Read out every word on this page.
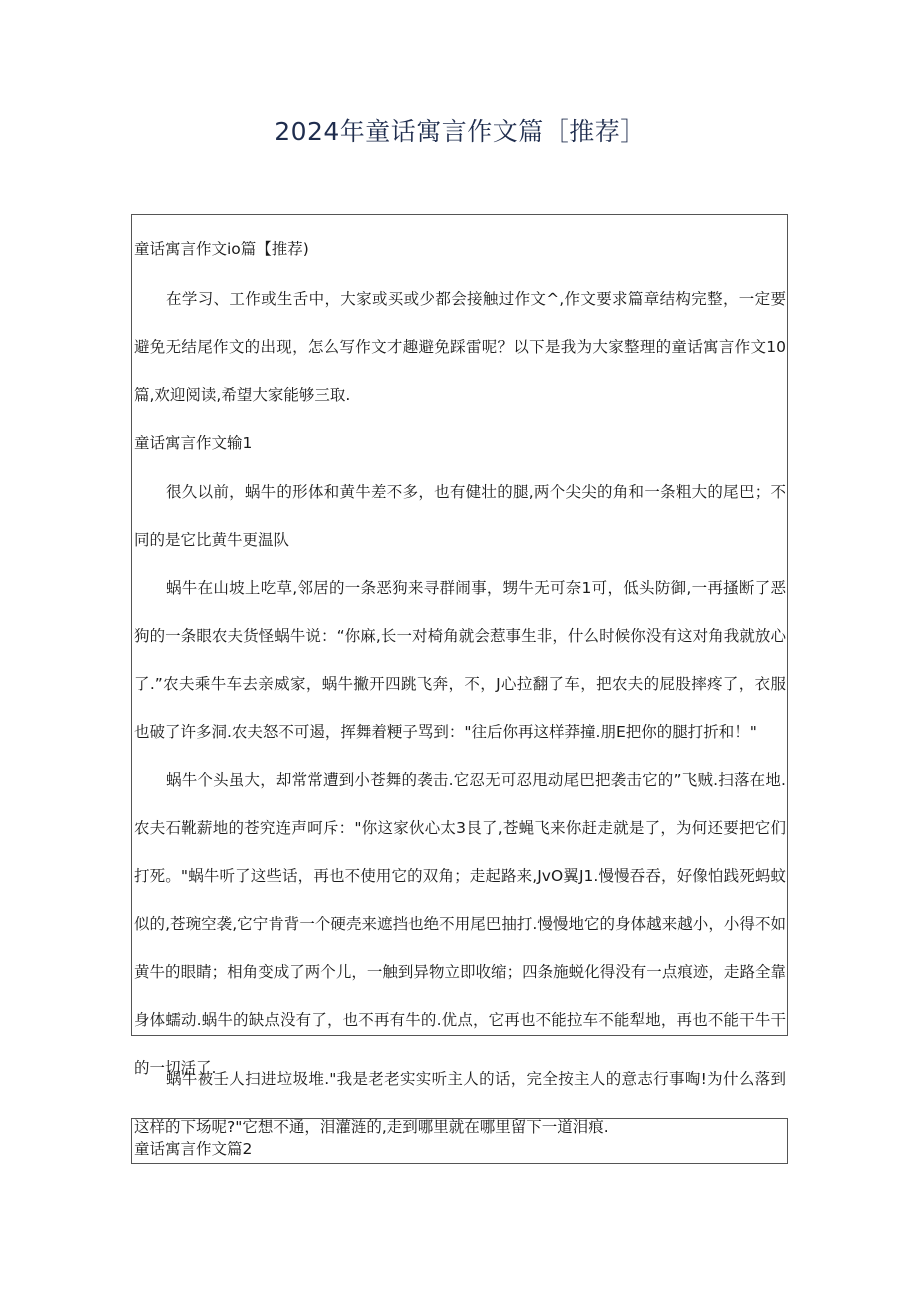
2024年童话寓言作文篇［推荐］

童话寓言作文io篇【推荐)

在学习、工作或生舌中，大家或买或少都会接触过作文^,作文要求篇章结构完整，一定要避免无结尾作文的出现，怎么写作文才趣避免踩雷呢？以下是我为大家整理的童话寓言作文10篇,欢迎阅读,希望大家能够三取.

童话寓言作文输1

很久以前，蜗牛的形体和黄牛差不多，也有健壮的腿,两个尖尖的角和一条粗大的尾巴；不同的是它比黄牛更温队

蜗牛在山坡上吃草,邻居的一条恶狗来寻群闹事，甥牛无可奈1可，低头防御,一再搔断了恶狗的一条眼农夫货怪蜗牛说：“你麻,长一对椅角就会惹事生非，什么时候你没有这对角我就放心了.”农夫乘牛车去亲威家，蜗牛撇开四跳飞奔，不，J心拉翻了车，把农夫的屁股摔疼了，衣服也破了许多洞.农夫怒不可遏，挥舞着粳子骂到："往后你再这样莽撞.朋E把你的腿打折和！"

蜗牛个头虽大，却常常遭到小苍舞的袭击.它忍无可忍甩动尾巴把袭击它的”飞贼.扫落在地.农夫石靴薪地的苍究连声呵斥："你这家伙心太3艮了,苍蝇飞来你赶走就是了，为何还要把它们打死。"蜗牛听了这些话，再也不使用它的双角；走起路来,JvO翼J1.慢慢吞吞，好像怕践死蚂蚊似的,苍琬空袭,它宁肯背一个硬壳来遮挡也绝不用尾巴抽打.慢慢地它的身体越来越小，小得不如黄牛的眼睛；相角变成了两个儿，一触到异物立即收缩；四条施蜕化得没有一点痕迹，走路全靠身体蠕动.蜗牛的缺点没有了，也不再有牛的.优点，它再也不能拉车不能犁地，再也不能干牛干的一切活了.

蜗牛被壬人扫进垃圾堆."我是老老实实听主人的话，完全按主人的意志行事啕!为什么落到这样的下场呢?"它想不通，泪灌涟的,走到哪里就在哪里留下一道泪痕.

童话寓言作文篇2
